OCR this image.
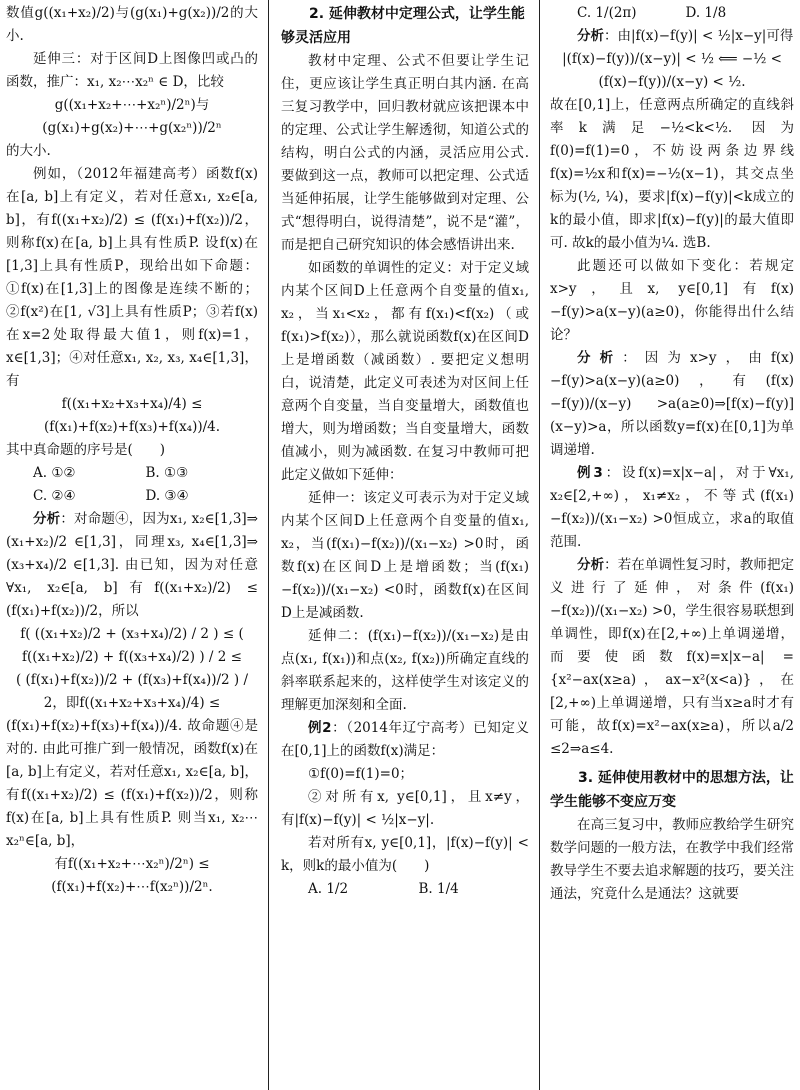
数值g((x₁+x₂)/2)与(g(x₁)+g(x₂))/2的大小.

延伸三：对于区间D上图像凹或凸的函数，推广：x₁, x₂⋯x₂ⁿ ∈ D，比较

g((x₁+x₂+⋯+x₂ⁿ)/2ⁿ)与(g(x₁)+g(x₂)+⋯+g(x₂ⁿ))/2ⁿ

的大小.

例如，（2012年福建高考）函数f(x)在[a, b]上有定义，若对任意x₁, x₂∈[a, b]，有f((x₁+x₂)/2) ≤ (f(x₁)+f(x₂))/2，则称f(x)在[a, b]上具有性质P. 设f(x)在[1,3]上具有性质P，现给出如下命题：①f(x)在[1,3]上的图像是连续不断的；②f(x²)在[1, √3]上具有性质P；③若f(x)在x=2处取得最大值1，则f(x)=1，x∈[1,3]；④对任意x₁, x₂, x₃, x₄∈[1,3]，有

f((x₁+x₂+x₃+x₄)/4) ≤ (f(x₁)+f(x₂)+f(x₃)+f(x₄))/4.

其中真命题的序号是(　　)

A. ①②	B. ①③
C. ②④	D. ③④

分析：对命题④，因为x₁, x₂∈[1,3]⇒ (x₁+x₂)/2 ∈[1,3]，同理x₃, x₄∈[1,3]⇒ (x₃+x₄)/2 ∈[1,3]. 由已知，因为对任意∀x₁, x₂∈[a, b]有f((x₁+x₂)/2) ≤ (f(x₁)+f(x₂))/2，所以

f( ((x₁+x₂)/2 + (x₃+x₄)/2) / 2 ) ≤ ( f((x₁+x₂)/2) + f((x₃+x₄)/2) ) / 2 ≤

( (f(x₁)+f(x₂))/2 + (f(x₃)+f(x₄))/2 ) / 2，即f((x₁+x₂+x₃+x₄)/4) ≤

(f(x₁)+f(x₂)+f(x₃)+f(x₄))/4. 故命题④是对的. 由此可推广到一般情况，函数f(x)在[a, b]上有定义，若对任意x₁, x₂∈[a, b]，有f((x₁+x₂)/2) ≤ (f(x₁)+f(x₂))/2，则称f(x)在[a, b]上具有性质P. 则当x₁, x₂⋯x₂ⁿ∈[a, b]，

有f((x₁+x₂+⋯x₂ⁿ)/2ⁿ) ≤ (f(x₁)+f(x₂)+⋯f(x₂ⁿ))/2ⁿ.

2. 延伸教材中定理公式，让学生能够灵活应用

教材中定理、公式不但要让学生记住，更应该让学生真正明白其内涵. 在高三复习教学中，回归教材就应该把课本中的定理、公式让学生解透彻，知道公式的结构，明白公式的内涵，灵活应用公式. 要做到这一点，教师可以把定理、公式适当延伸拓展，让学生能够做到对定理、公式“想得明白，说得清楚”，说不是“灌”，而是把自己研究知识的体会感悟讲出来.

如函数的单调性的定义：对于定义域内某个区间D上任意两个自变量的值x₁, x₂，当x₁<x₂，都有f(x₁)<f(x₂)（或f(x₁)>f(x₂)），那么就说函数f(x)在区间D上是增函数（减函数）. 要把定义想明白，说清楚，此定义可表述为对区间上任意两个自变量，当自变量增大，函数值也增大，则为增函数；当自变量增大，函数值减小，则为减函数. 在复习中教师可把此定义做如下延伸：

延伸一：该定义可表示为对于定义域内某个区间D上任意两个自变量的值x₁, x₂，当(f(x₁)−f(x₂))/(x₁−x₂) >0时，函数f(x)在区间D上是增函数；当(f(x₁)−f(x₂))/(x₁−x₂) <0时，函数f(x)在区间D上是减函数.

延伸二：(f(x₁)−f(x₂))/(x₁−x₂)是由点(x₁, f(x₁))和点(x₂, f(x₂))所确定直线的斜率联系起来的，这样使学生对该定义的理解更加深刻和全面.

例2：（2014年辽宁高考）已知定义在[0,1]上的函数f(x)满足：

①f(0)=f(1)=0；

②对所有x, y∈[0,1]，且x≠y，有|f(x)−f(y)| < ½|x−y|.

若对所有x, y∈[0,1]，|f(x)−f(y)| < k，则k的最小值为(　　)

A. 1/2	B. 1/4
C. 1/(2π)	D. 1/8

分析：由|f(x)−f(y)| < ½|x−y|可得

|(f(x)−f(y))/(x−y)| < ½ ⟸ −½ < (f(x)−f(y))/(x−y) < ½.

故在[0,1]上，任意两点所确定的直线斜率k满足−½<k<½. 因为f(0)=f(1)=0，不妨设两条边界线f(x)=½x和f(x)=−½(x−1)，其交点坐标为(½, ¼)，要求|f(x)−f(y)|<k成立的k的最小值，即求|f(x)−f(y)|的最大值即可. 故k的最小值为¼. 选B.

此题还可以做如下变化：若规定x>y，且x, y∈[0,1]有f(x)−f(y)>a(x−y)(a≥0)，你能得出什么结论？

分析：因为x>y，由f(x)−f(y)>a(x−y)(a≥0)，有(f(x)−f(y))/(x−y) >a(a≥0)⇒[f(x)−f(y)](x−y)>a，所以函数y=f(x)在[0,1]为单调递增.

例3：设f(x)=x|x−a|，对于∀x₁, x₂∈[2,+∞)，x₁≠x₂，不等式(f(x₁)−f(x₂))/(x₁−x₂) >0恒成立，求a的取值范围.

分析：若在单调性复习时，教师把定义进行了延伸，对条件(f(x₁)−f(x₂))/(x₁−x₂) >0，学生很容易联想到单调性，即f(x)在[2,+∞)上单调递增，而要使函数f(x)=x|x−a| = {x²−ax(x≥a)，ax−x²(x<a)}，在[2,+∞)上单调递增，只有当x≥a时才有可能，故f(x)=x²−ax(x≥a)，所以a/2 ≤2⇒a≤4.

3. 延伸使用教材中的思想方法，让学生能够不变应万变

在高三复习中，教师应教给学生研究数学问题的一般方法，在教学中我们经常教导学生不要去追求解题的技巧，要关注通法，究竟什么是通法？这就要
